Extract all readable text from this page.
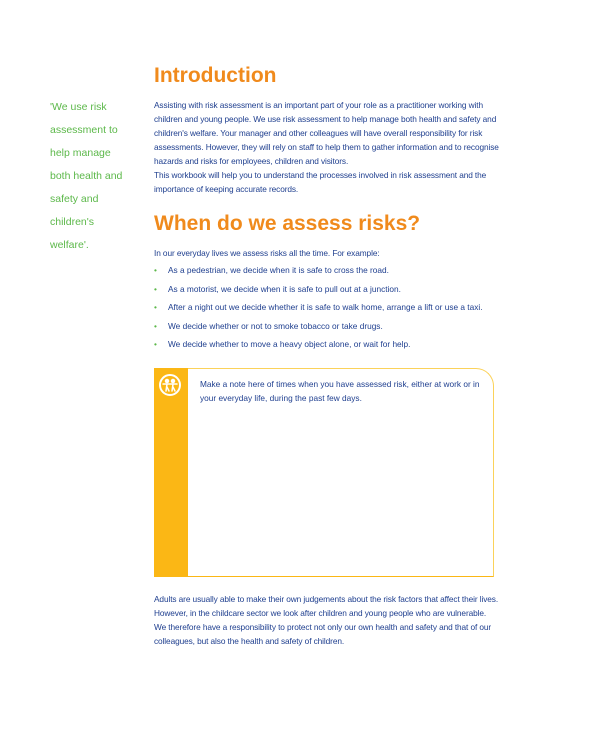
'We use risk assessment to help manage both health and safety and children's welfare'.
Introduction

Assisting with risk assessment is an important part of your role as a practitioner working with children and young people. We use risk assessment to help manage both health and safety and children's welfare. Your manager and other colleagues will have overall responsibility for risk assessments. However, they will rely on staff to help them to gather information and to recognise hazards and risks for employees, children and visitors.

This workbook will help you to understand the processes involved in risk assessment and the importance of keeping accurate records.

When do we assess risks?

In our everyday lives we assess risks all the time. For example:

• As a pedestrian, we decide when it is safe to cross the road.
• As a motorist, we decide when it is safe to pull out at a junction.
• After a night out we decide whether it is safe to walk home, arrange a lift or use a taxi.
• We decide whether or not to smoke tobacco or take drugs.
• We decide whether to move a heavy object alone, or wait for help.
Make a note here of times when you have assessed risk, either at work or in your everyday life, during the past few days.

Adults are usually able to make their own judgements about the risk factors that affect their lives. However, in the childcare sector we look after children and young people who are vulnerable. We therefore have a responsibility to protect not only our own health and safety and that of our colleagues, but also the health and safety of children.
